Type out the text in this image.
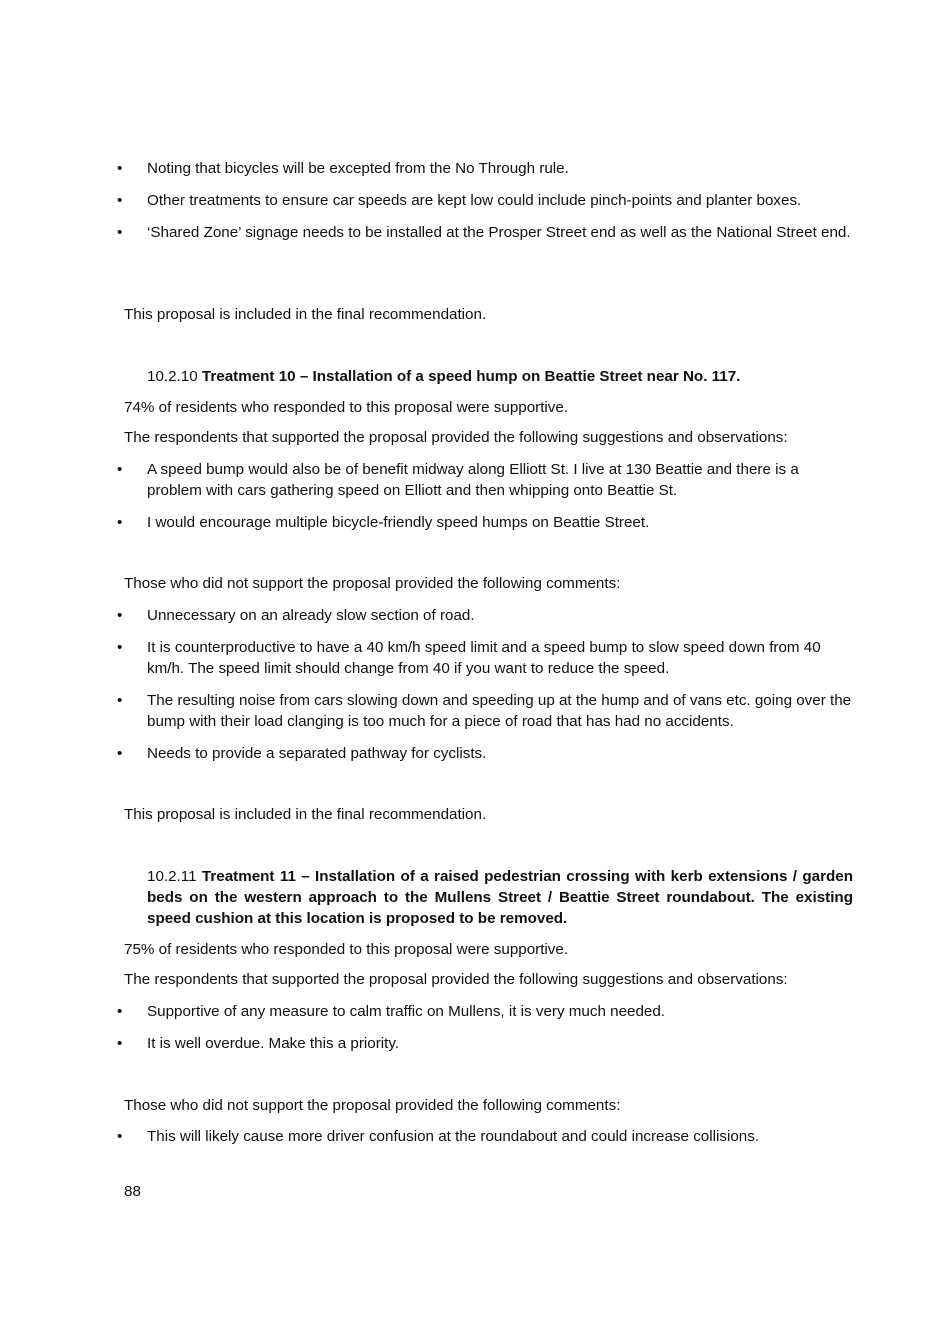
•	Noting that bicycles will be excepted from the No Through rule.
•	Other treatments to ensure car speeds are kept low could include pinch-points and planter boxes.
•	‘Shared Zone’ signage needs to be installed at the Prosper Street end as well as the National Street end.
This proposal is included in the final recommendation.
10.2.10 Treatment 10 – Installation of a speed hump on Beattie Street near No. 117.
74% of residents who responded to this proposal were supportive.
The respondents that supported the proposal provided the following suggestions and observations:
•	A speed bump would also be of benefit midway along Elliott St. I live at 130 Beattie and there is a problem with cars gathering speed on Elliott and then whipping onto Beattie St.
•	I would encourage multiple bicycle-friendly speed humps on Beattie Street.
Those who did not support the proposal provided the following comments:
•	Unnecessary on an already slow section of road.
•	It is counterproductive to have a 40 km/h speed limit and a speed bump to slow speed down from 40 km/h. The speed limit should change from 40 if you want to reduce the speed.
•	The resulting noise from cars slowing down and speeding up at the hump and of vans etc. going over the bump with their load clanging is too much for a piece of road that has had no accidents.
•	Needs to provide a separated pathway for cyclists.
This proposal is included in the final recommendation.
10.2.11 Treatment 11 – Installation of a raised pedestrian crossing with kerb extensions / garden beds on the western approach to the Mullens Street / Beattie Street roundabout. The existing speed cushion at this location is proposed to be removed.
75% of residents who responded to this proposal were supportive.
The respondents that supported the proposal provided the following suggestions and observations:
•	Supportive of any measure to calm traffic on Mullens, it is very much needed.
•	It is well overdue. Make this a priority.
Those who did not support the proposal provided the following comments:
•	This will likely cause more driver confusion at the roundabout and could increase collisions.
88
